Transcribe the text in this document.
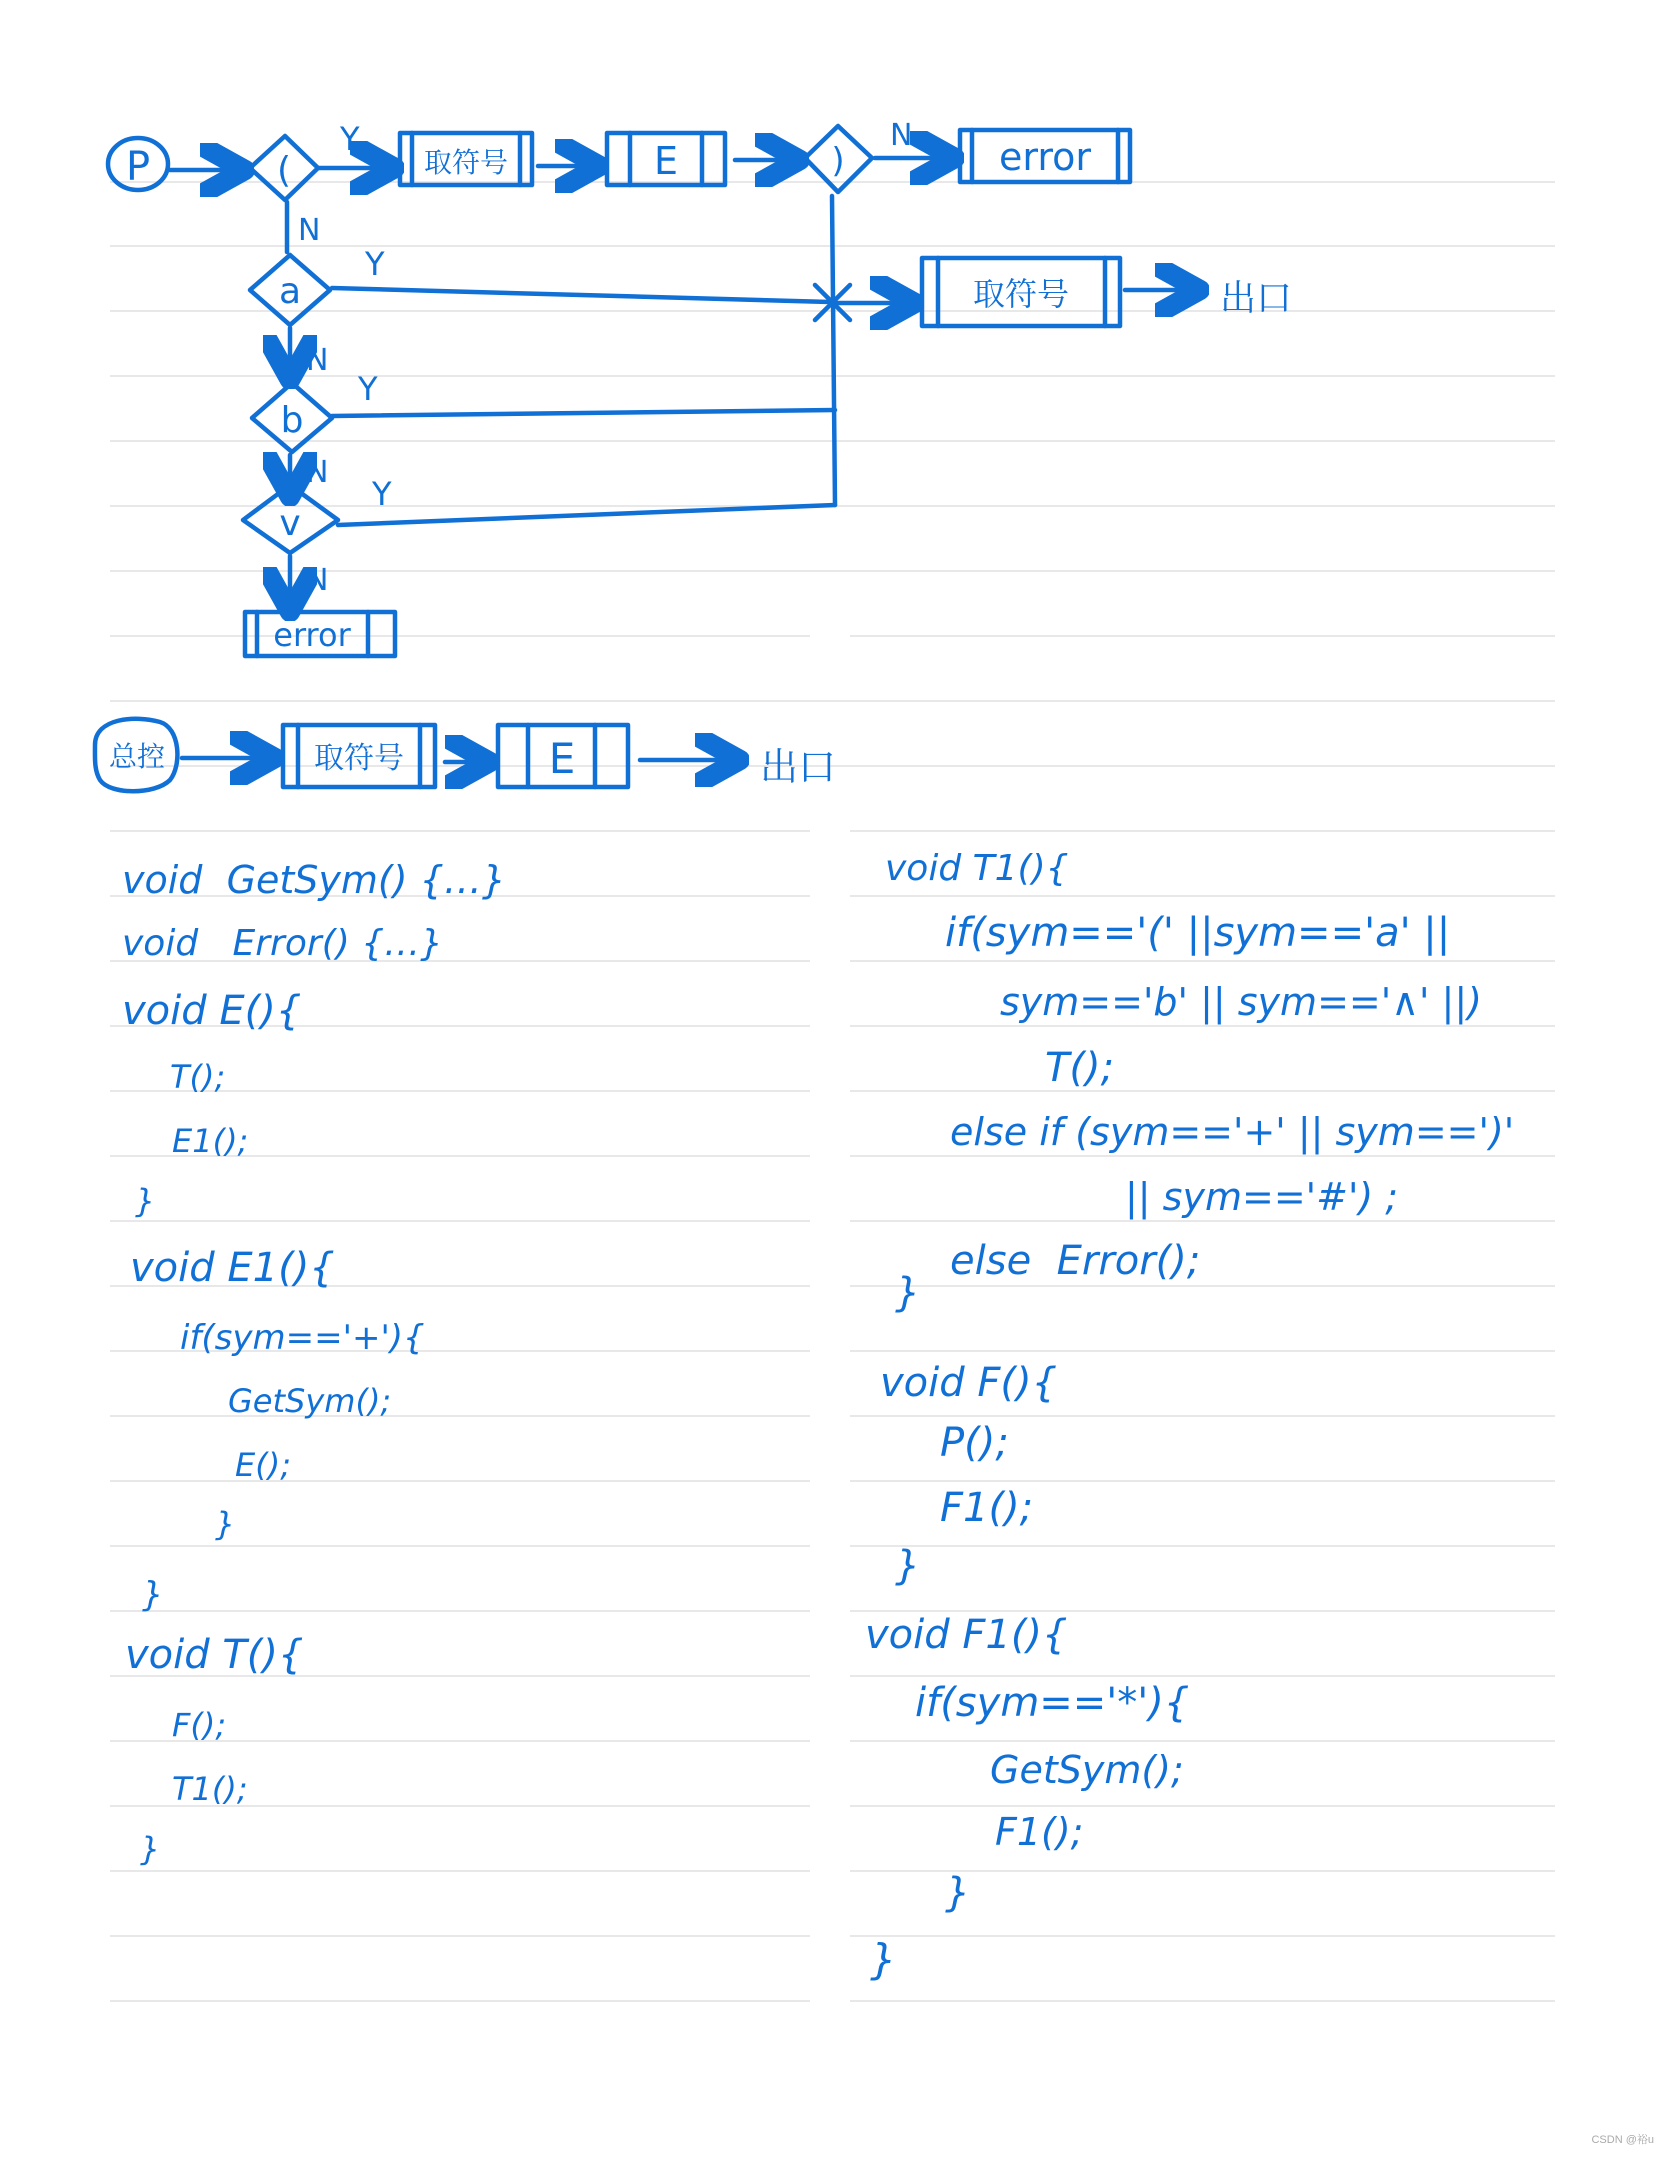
P	(
Y
取符号	E	)
N error
N
a
Y
取符号	出口
N
b
Y
N
v
Y
N
error
总控	取符号	E	出口

void  GetSym() {…}

void   Error() {…}

void E(){

T();

E1();

}

void E1(){

if(sym=='+'){

GetSym();

E();

}

}

void T(){

F();

T1();

}

void T1(){

if(sym=='(' ||sym=='a' ||

sym=='b' || sym=='∧' ||)

T();

else if (sym=='+' || sym==')'

|| sym=='#') ;

else  Error();

}

void F(){

P();

F1();

}

void F1(){

if(sym=='*'){

GetSym();

F1();

}

}

CSDN @裕u
